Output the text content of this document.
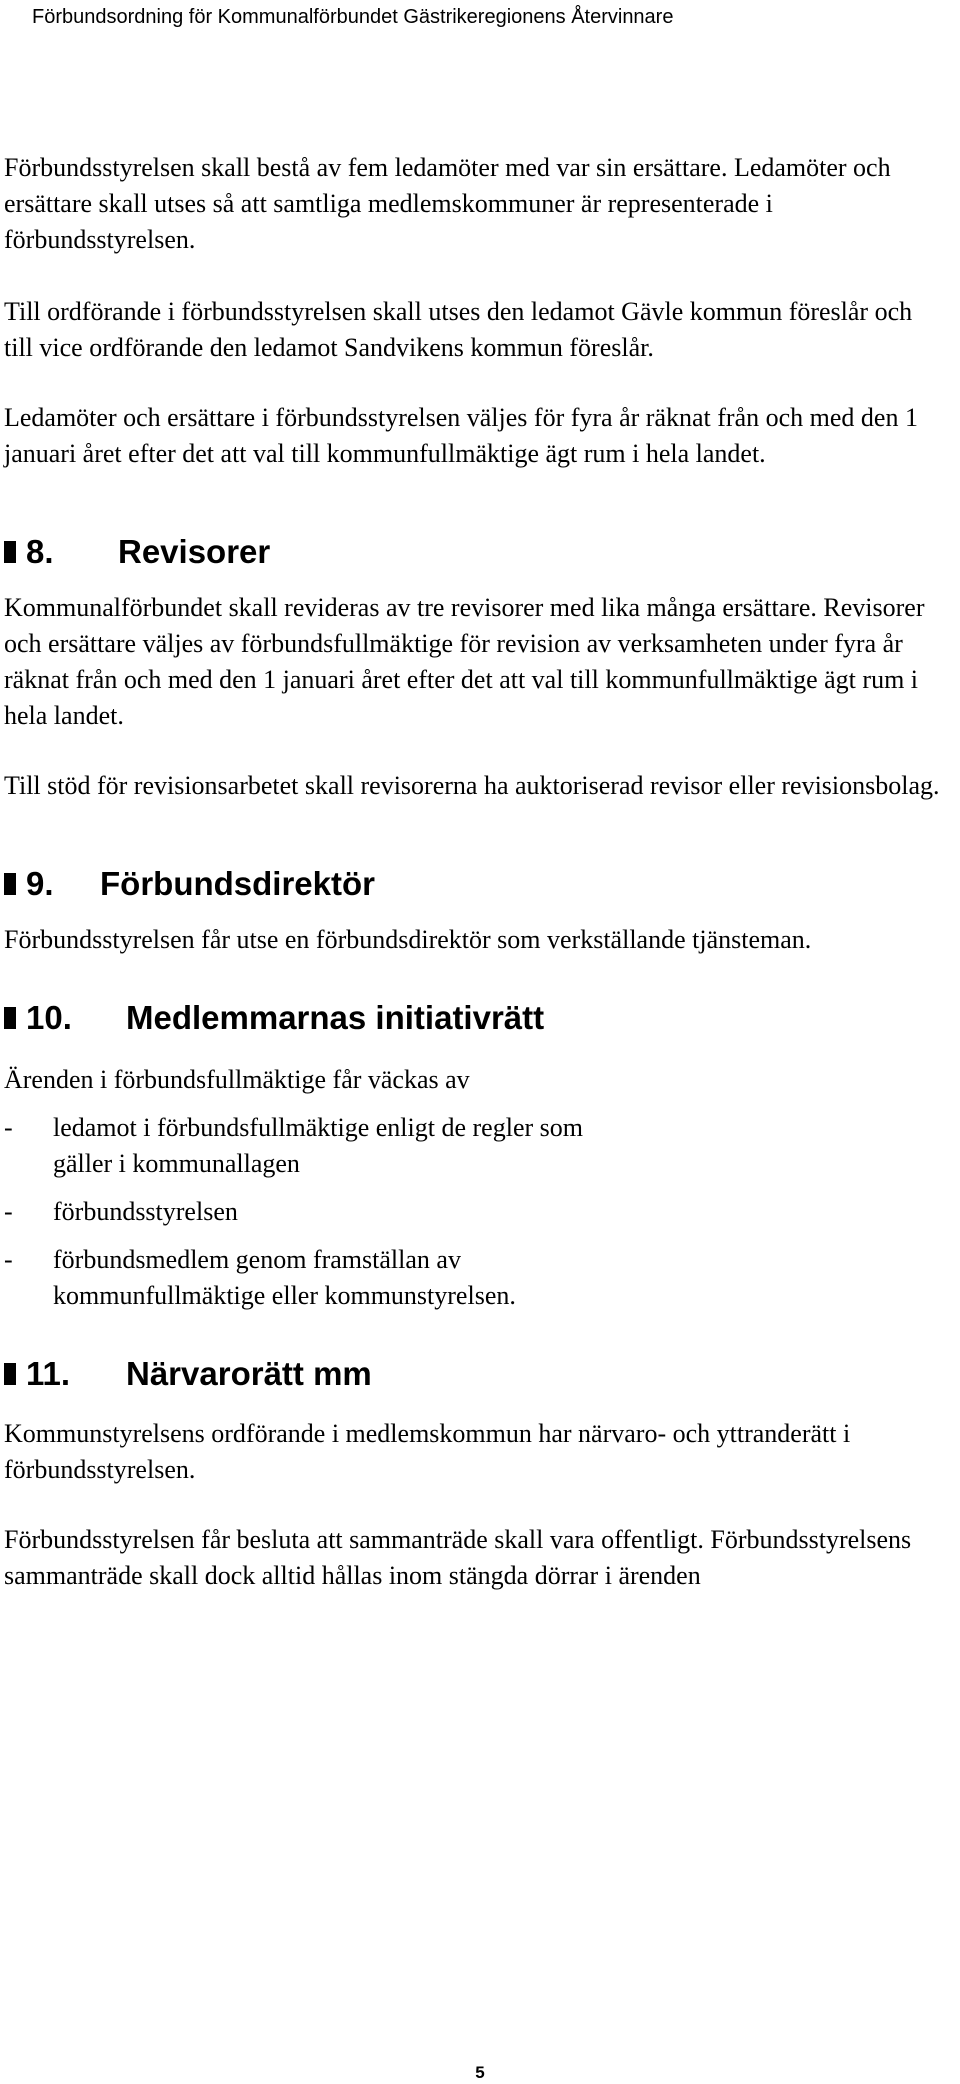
Förbundsordning för Kommunalförbundet Gästrikeregionens Återvinnare

Förbundsstyrelsen skall bestå av fem ledamöter med var sin ersättare. Ledamöter och ersättare skall utses så att samtliga medlemskommuner är representerade i förbundsstyrelsen.

Till ordförande i förbundsstyrelsen skall utses den ledamot Gävle kommun föreslår och till vice ordförande den ledamot Sandvikens kommun föreslår.

Ledamöter och ersättare i förbundsstyrelsen väljes för fyra år räknat från och med den 1 januari året efter det att val till kommunfullmäktige ägt rum i hela landet.

8.	Revisorer

Kommunalförbundet skall revideras av tre revisorer med lika många ersättare. Revisorer och ersättare väljes av förbundsfullmäktige för revision av verksamheten under fyra år räknat från och med den 1 januari året efter det att val till kommunfullmäktige ägt rum i hela landet.

Till stöd för revisionsarbetet skall revisorerna ha auktoriserad revisor eller revisionsbolag.

9.	Förbundsdirektör

Förbundsstyrelsen får utse en förbundsdirektör som verkställande tjänsteman.

10.	Medlemmarnas initiativrätt

Ärenden i förbundsfullmäktige får väckas av

-	ledamot i förbundsfullmäktige enligt de regler som gäller i kommunallagen
-	förbundsstyrelsen
-	förbundsmedlem genom framställan av kommunfullmäktige eller kommunstyrelsen.
11.	Närvarorätt mm

Kommunstyrelsens ordförande i medlemskommun har närvaro- och yttranderätt i förbundsstyrelsen.

Förbundsstyrelsen får besluta att sammanträde skall vara offentligt. Förbundsstyrelsens sammanträde skall dock alltid hållas inom stängda dörrar i ärenden

5
